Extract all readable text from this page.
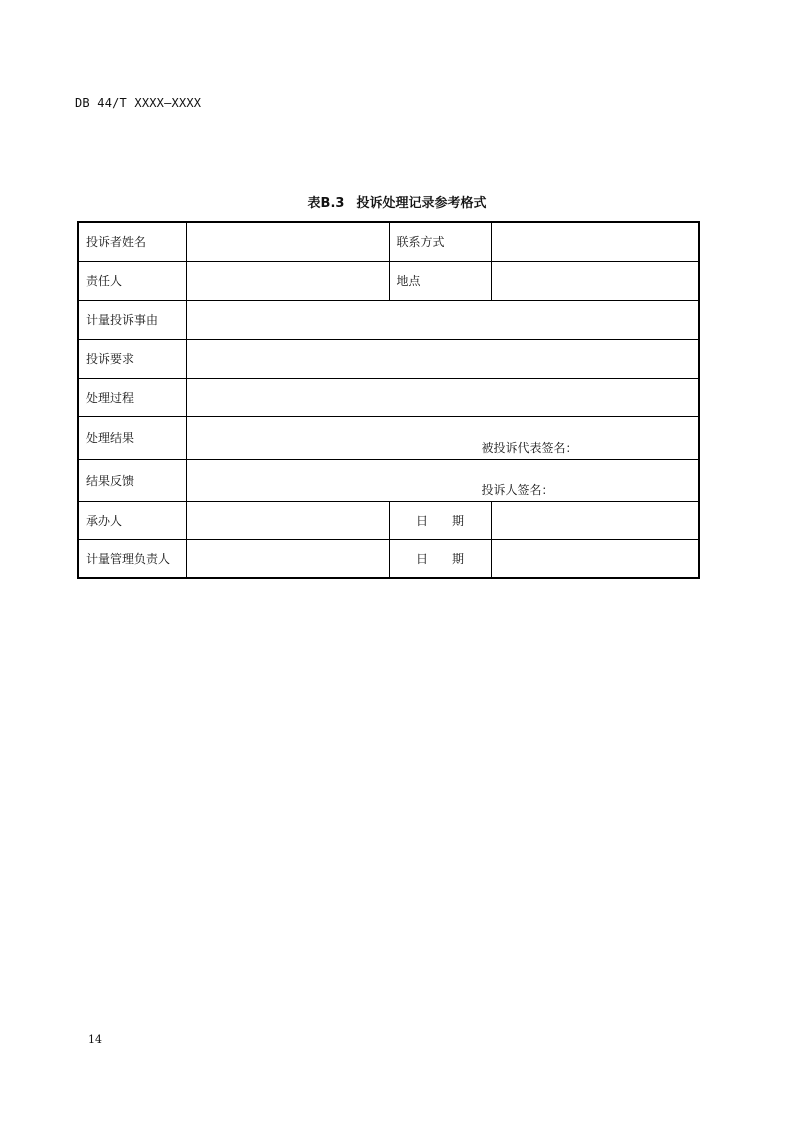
DB 44/T XXXX—XXXX
表B.3 投诉处理记录参考格式
投诉者姓名		联系方式	
责任人		地点	
计量投诉事由			
投诉要求			
处理过程			
处理结果	被投诉代表签名：		

结果反馈	投诉人签名：		

承办人		日　　期	
计量管理负责人		日　　期	
14
